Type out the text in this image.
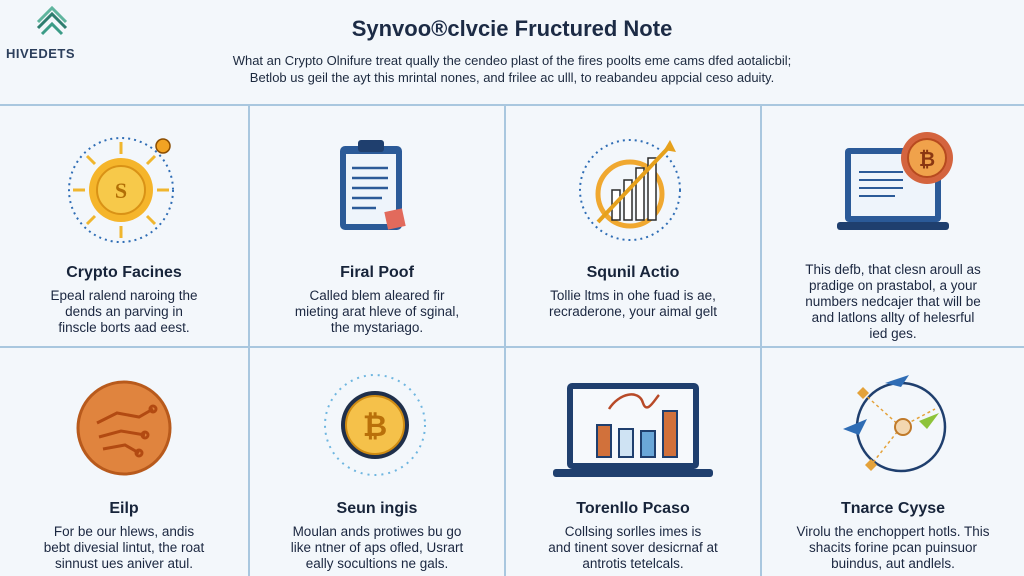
HIVEDETS
Synvoo®clvcie Fructured Note
What an Crypto Olnifure treat qually the cendeo plast of the fires poolts eme cams dfed aotalicbil;
Betlob us geil the ayt this mrintal nones, and frilee ac ulll, to reabandeu appcial ceso aduity.
S
Crypto Facines
Epeal ralend naroing the
dends an parving in
finscle borts aad eest.
Firal Poof
Called blem aleared fir
mieting arat hleve of sginal,
the mystariago.
Squnil Actio
Tollie ltms in ohe fuad is ae,
recraderone, your aimal gelt
₿
This defb, that clesn aroull as
pradige on prastabol, a your
numbers nedcajer that will be
and latlons allty of helesrful
ied ges.
Eilp
For be our hlews, andis
bebt divesial lintut, the roat
sinnust ues aniver atul.
₿
Seun ingis
Moulan ands protiwes bu go
like ntner of aps ofled, Usrart
eally socultions ne gals.
Torenllo Pcaso
Collsing sorlles imes is
and tinent sover desicrnaf at
antrotis tetelcals.
Tnarce Cyyse
Virolu the enchoppert hotls. This
shacits forine pcan puinsuor
buindus, aut andlels.
